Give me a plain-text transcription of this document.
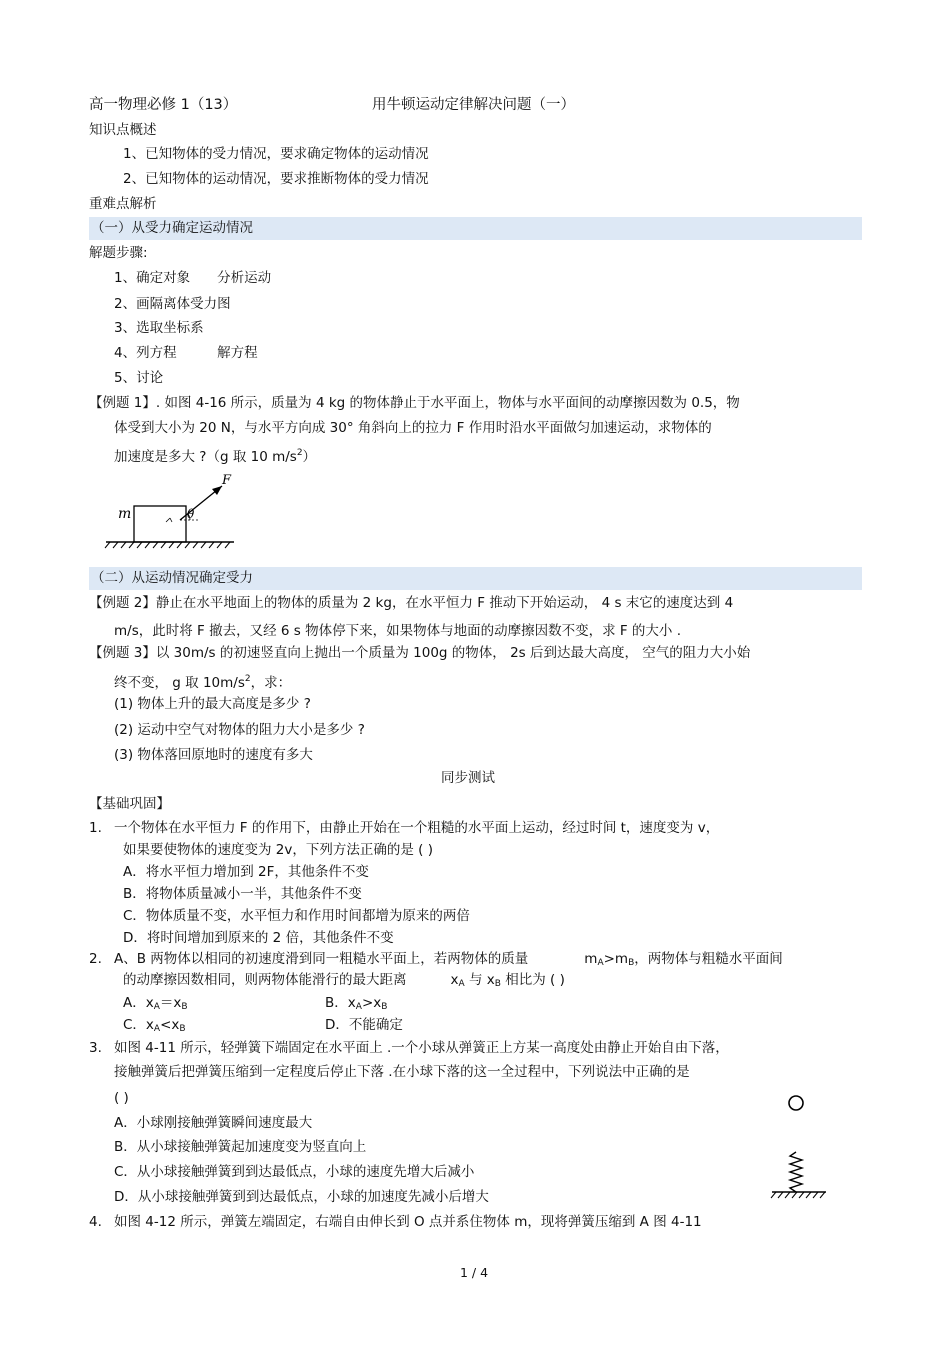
高一物理必修 1（13）	用牛顿运动定律解决问题（一）
知识点概述
1、已知物体的受力情况，要求确定物体的运动情况
2、已知物体的运动情况，要求推断物体的受力情况
重难点解析
（一）从受力确定运动情况
解题步骤:
1、确定对象　　分析运动
2、画隔离体受力图
3、选取坐标系
4、列方程　　　解方程
5、讨论
【例题 1】. 如图 4-16 所示，质量为 4 kg 的物体静止于水平面上，物体与水平面间的动摩擦因数为 0.5，物
体受到大小为 20 N，与水平方向成 30° 角斜向上的拉力 F 作用时沿水平面做匀加速运动，求物体的
加速度是多大 ?（g 取 10 $m/s^2$）
m
F
θ
（二）从运动情况确定受力
【例题 2】静止在水平地面上的物体的质量为 2 kg，在水平恒力 F 推动下开始运动， 4 s 末它的速度达到 4
m/s，此时将 F 撤去，又经 6 s 物体停下来，如果物体与地面的动摩擦因数不变，求 F 的大小 .
【例题 3】以 30m/s 的初速竖直向上抛出一个质量为 100g 的物体， 2s 后到达最大高度， 空气的阻力大小始
终不变， g 取 $10m/s^2$，求：
(1) 物体上升的最大高度是多少 ?
(2) 运动中空气对物体的阻力大小是多少 ?
(3) 物体落回原地时的速度有多大
同步测试
【基础巩固】
1. 一个物体在水平恒力 F 的作用下，由静止开始在一个粗糙的水平面上运动，经过时间 t，速度变为 v，
如果要使物体的速度变为 2v，下列方法正确的是 ( )
A．将水平恒力增加到 2F，其他条件不变
B．将物体质量减小一半，其他条件不变
C．物体质量不变，水平恒力和作用时间都增为原来的两倍
D．将时间增加到原来的 2 倍，其他条件不变
2. A、B 两物体以相同的初速度滑到同一粗糙水平面上，若两物体的质量	$m_A>m_B$，两物体与粗糙水平面间
的动摩擦因数相同，则两物体能滑行的最大距离	$x_A$ 与 $x_B$ 相比为 ( )
A．$x_A=x_B$	B．$x_A>x_B$
C．$x_A<x_B$	D．不能确定
3. 如图 4-11 所示，轻弹簧下端固定在水平面上 .一个小球从弹簧正上方某一高度处由静止开始自由下落，
接触弹簧后把弹簧压缩到一定程度后停止下落 .在小球下落的这一全过程中，下列说法中正确的是
( )
A．小球刚接触弹簧瞬间速度最大
B．从小球接触弹簧起加速度变为竖直向上
C．从小球接触弹簧到到达最低点，小球的速度先增大后减小
D．从小球接触弹簧到到达最低点，小球的加速度先减小后增大
4. 如图 4-12 所示，弹簧左端固定，右端自由伸长到 O 点并系住物体 m，现将弹簧压缩到 A 图 4-11
1 / 4
